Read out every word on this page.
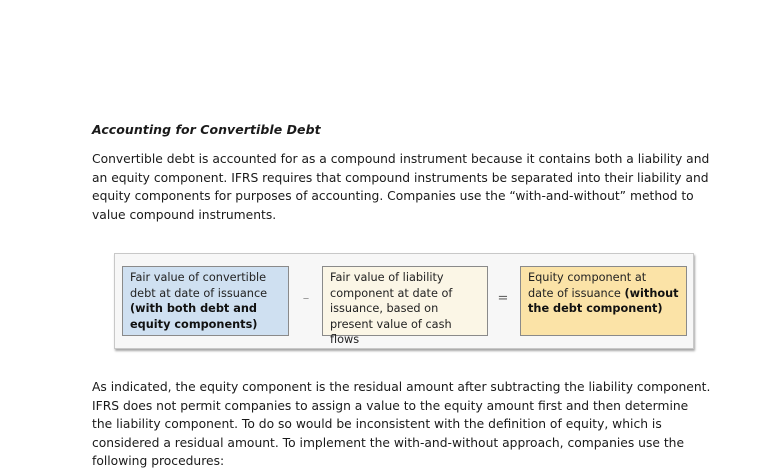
Accounting for Convertible Debt

Convertible debt is accounted for as a compound instrument because it contains both a liability and an equity component. IFRS requires that compound instruments be separated into their liability and equity components for purposes of accounting. Companies use the “with-and-without” method to value compound instruments.

Fair value of convertible
debt at date of issuance
(with both debt and
equity components)
–
Fair value of liability
component at date of
issuance, based on
present value of cash flows
=
Equity component at
date of issuance (without
the debt component)

As indicated, the equity component is the residual amount after subtracting the liability component. IFRS does not permit companies to assign a value to the equity amount first and then determine the liability component. To do so would be inconsistent with the definition of equity, which is considered a residual amount. To implement the with-and-without approach, companies use the following procedures:
